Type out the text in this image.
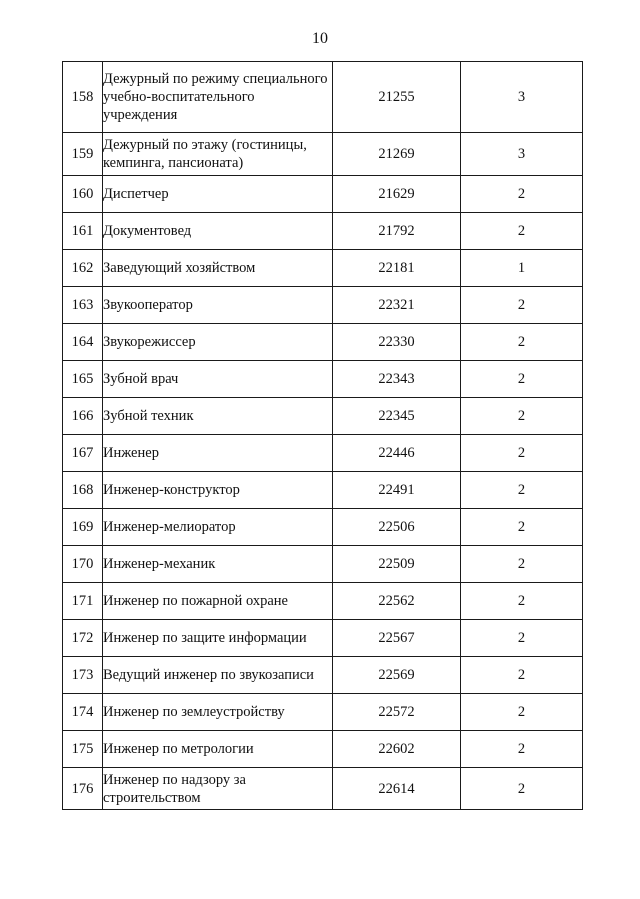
10
158	Дежурный по режиму специального учебно-воспитательного учреждения	21255	3
159	Дежурный по этажу (гостиницы, кемпинга, пансионата)	21269	3
160	Диспетчер	21629	2
161	Документовед	21792	2
162	Заведующий хозяйством	22181	1
163	Звукооператор	22321	2
164	Звукорежиссер	22330	2
165	Зубной врач	22343	2
166	Зубной техник	22345	2
167	Инженер	22446	2
168	Инженер-конструктор	22491	2
169	Инженер-мелиоратор	22506	2
170	Инженер-механик	22509	2
171	Инженер по пожарной охране	22562	2
172	Инженер по защите информации	22567	2
173	Ведущий инженер по звукозаписи	22569	2
174	Инженер по землеустройству	22572	2
175	Инженер по метрологии	22602	2
176	Инженер по надзору за строительством	22614	2
